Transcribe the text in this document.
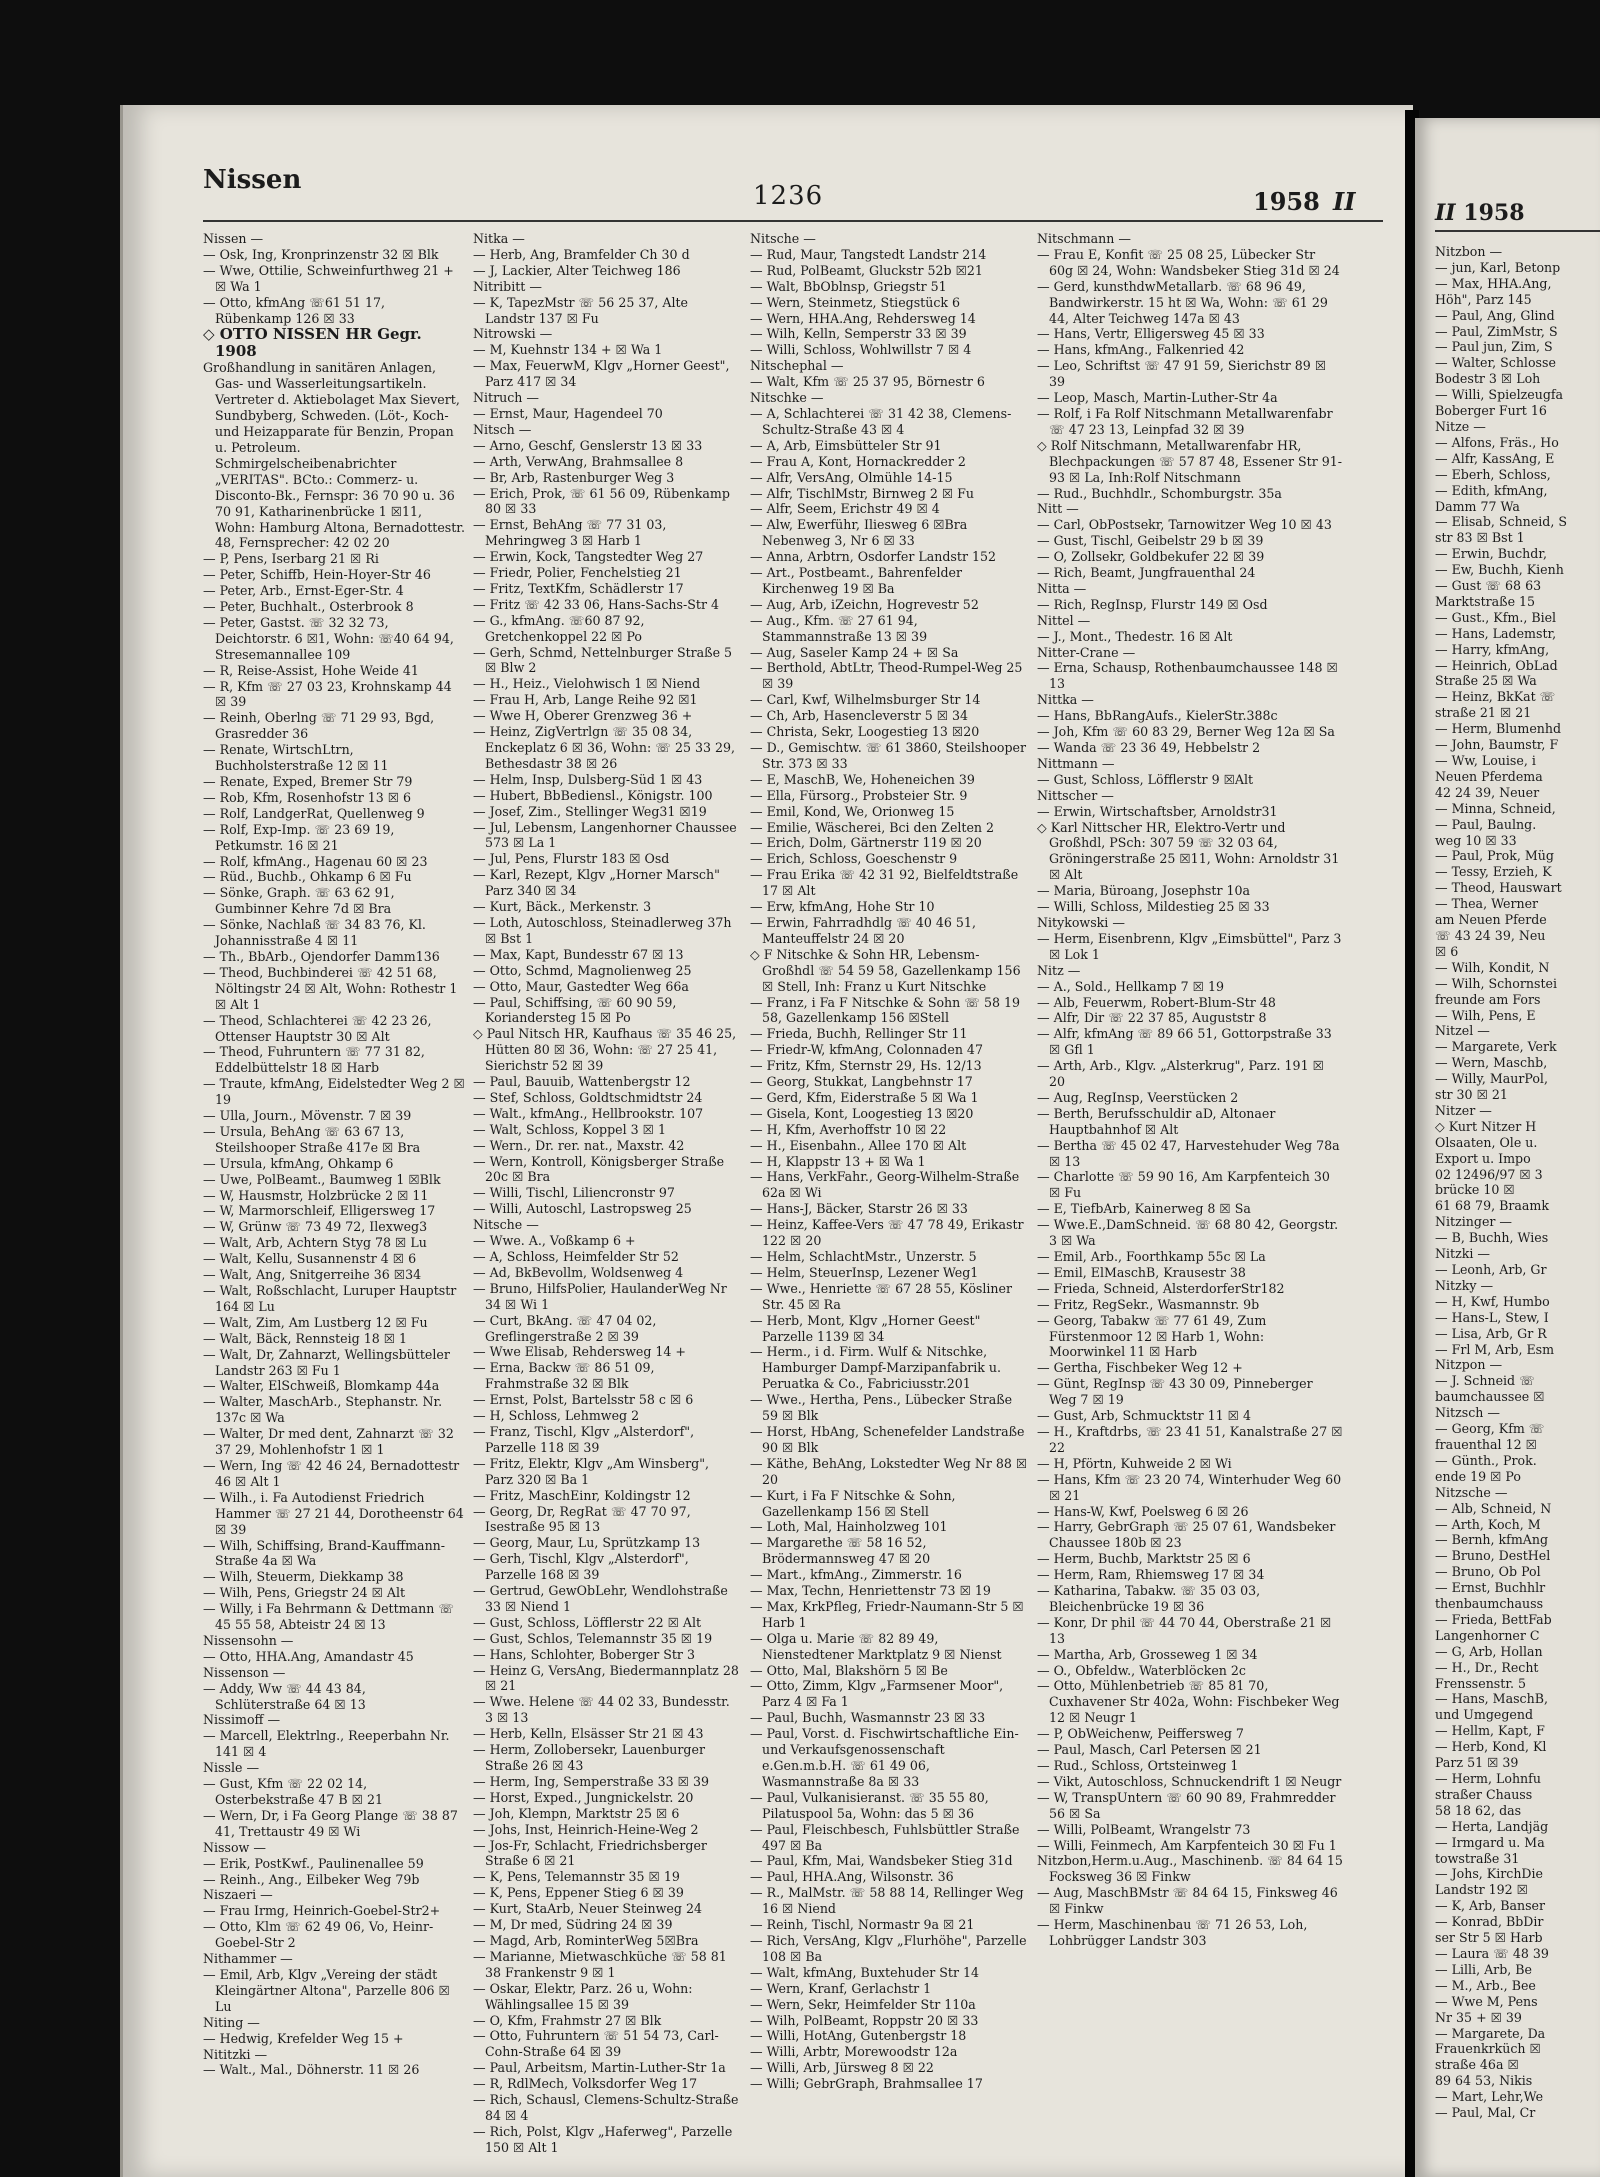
Nissen
1236	1958 II

Nissen —

— Osk, Ing, Kronprinzenstr 32 ☒ Blk

— Wwe, Ottilie, Schweinfurthweg 21 + ☒ Wa 1

— Otto, kfmAng ☏61 51 17, Rübenkamp 126 ☒ 33

◇ OTTO NISSEN HR Gegr. 1908

Großhandlung in sanitären Anlagen, Gas- und Wasserleitungsartikeln. Vertreter d. Aktiebolaget Max Sievert, Sundbyberg, Schweden. (Löt-, Koch- und Heizapparate für Benzin, Propan u. Petroleum. Schmirgelscheibenabrichter „VERITAS". BCto.: Commerz- u. Disconto-Bk., Fernspr: 36 70 90 u. 36 70 91, Katharinenbrücke 1 ☒11, Wohn: Hamburg Altona, Bernadottestr. 48, Fernsprecher: 42 02 20

— P, Pens, Iserbarg 21 ☒ Ri

— Peter, Schiffb, Hein-Hoyer-Str 46

— Peter, Arb., Ernst-Eger-Str. 4

— Peter, Buchhalt., Osterbrook 8

— Peter, Gastst. ☏ 32 32 73, Deichtorstr. 6 ☒1, Wohn: ☏40 64 94, Stresemannallee 109

— R, Reise-Assist, Hohe Weide 41

— R, Kfm ☏ 27 03 23, Krohnskamp 44 ☒ 39

— Reinh, Oberlng ☏ 71 29 93, Bgd, Grasredder 36

— Renate, WirtschLtrn, Buchholsterstraße 12 ☒ 11

— Renate, Exped, Bremer Str 79

— Rob, Kfm, Rosenhofstr 13 ☒ 6

— Rolf, LandgerRat, Quellenweg 9

— Rolf, Exp-Imp. ☏ 23 69 19, Petkumstr. 16 ☒ 21

— Rolf, kfmAng., Hagenau 60 ☒ 23

— Rüd., Buchb., Ohkamp 6 ☒ Fu

— Sönke, Graph. ☏ 63 62 91, Gumbinner Kehre 7d ☒ Bra

— Sönke, Nachlaß ☏ 34 83 76, Kl. Johannisstraße 4 ☒ 11

— Th., BbArb., Ojendorfer Damm136

— Theod, Buchbinderei ☏ 42 51 68, Nöltingstr 24 ☒ Alt, Wohn: Rothestr 1 ☒ Alt 1

— Theod, Schlachterei ☏ 42 23 26, Ottenser Hauptstr 30 ☒ Alt

— Theod, Fuhruntern ☏ 77 31 82, Eddelbüttelstr 18 ☒ Harb

— Traute, kfmAng, Eidelstedter Weg 2 ☒ 19

— Ulla, Journ., Mövenstr. 7 ☒ 39

— Ursula, BehAng ☏ 63 67 13, Steilshooper Straße 417e ☒ Bra

— Ursula, kfmAng, Ohkamp 6

— Uwe, PolBeamt., Baumweg 1 ☒Blk

— W, Hausmstr, Holzbrücke 2 ☒ 11

— W, Marmorschleif, Elligersweg 17

— W, Grünw ☏ 73 49 72, Ilexweg3

— Walt, Arb, Achtern Styg 78 ☒ Lu

— Walt, Kellu, Susannenstr 4 ☒ 6

— Walt, Ang, Snitgerreihe 36 ☒34

— Walt, Roßschlacht, Luruper Hauptstr 164 ☒ Lu

— Walt, Zim, Am Lustberg 12 ☒ Fu

— Walt, Bäck, Rennsteig 18 ☒ 1

— Walt, Dr, Zahnarzt, Wellingsbütteler Landstr 263 ☒ Fu 1

— Walter, ElSchweiß, Blomkamp 44a

— Walter, MaschArb., Stephanstr. Nr. 137c ☒ Wa

— Walter, Dr med dent, Zahnarzt ☏ 32 37 29, Mohlenhofstr 1 ☒ 1

— Wern, Ing ☏ 42 46 24, Bernadottestr 46 ☒ Alt 1

— Wilh., i. Fa Autodienst Friedrich Hammer ☏ 27 21 44, Dorotheenstr 64 ☒ 39

— Wilh, Schiffsing, Brand-Kauffmann-Straße 4a ☒ Wa

— Wilh, Steuerm, Diekkamp 38

— Wilh, Pens, Griegstr 24 ☒ Alt

— Willy, i Fa Behrmann & Dettmann ☏ 45 55 58, Abteistr 24 ☒ 13

Nissensohn —

— Otto, HHA.Ang, Amandastr 45

Nissenson —

— Addy, Ww ☏ 44 43 84, Schlüterstraße 64 ☒ 13

Nissimoff —

— Marcell, Elektrlng., Reeperbahn Nr. 141 ☒ 4

Nissle —

— Gust, Kfm ☏ 22 02 14, Osterbekstraße 47 B ☒ 21

— Wern, Dr, i Fa Georg Plange ☏ 38 87 41, Trettaustr 49 ☒ Wi

Nissow —

— Erik, PostKwf., Paulinenallee 59

— Reinh., Ang., Eilbeker Weg 79b

Niszaeri —

— Frau Irmg, Heinrich-Goebel-Str2+

— Otto, Klm ☏ 62 49 06, Vo, Heinr-Goebel-Str 2

Nithammer —

— Emil, Arb, Klgv „Vereing der städt Kleingärtner Altona", Parzelle 806 ☒ Lu

Niting —

— Hedwig, Krefelder Weg 15 +

Nititzki —

— Walt., Mal., Döhnerstr. 11 ☒ 26

Nitka —

— Herb, Ang, Bramfelder Ch 30 d

— J, Lackier, Alter Teichweg 186

Nitribitt —

— K, TapezMstr ☏ 56 25 37, Alte Landstr 137 ☒ Fu

Nitrowski —

— M, Kuehnstr 134 + ☒ Wa 1

— Max, FeuerwM, Klgv „Horner Geest", Parz 417 ☒ 34

Nitruch —

— Ernst, Maur, Hagendeel 70

Nitsch —

— Arno, Geschf, Genslerstr 13 ☒ 33

— Arth, VerwAng, Brahmsallee 8

— Br, Arb, Rastenburger Weg 3

— Erich, Prok, ☏ 61 56 09, Rübenkamp 80 ☒ 33

— Ernst, BehAng ☏ 77 31 03, Mehringweg 3 ☒ Harb 1

— Erwin, Kock, Tangstedter Weg 27

— Friedr, Polier, Fenchelstieg 21

— Fritz, TextKfm, Schädlerstr 17

— Fritz ☏ 42 33 06, Hans-Sachs-Str 4

— G., kfmAng. ☏60 87 92, Gretchenkoppel 22 ☒ Po

— Gerh, Schmd, Nettelnburger Straße 5 ☒ Blw 2

— H., Heiz., Vielohwisch 1 ☒ Niend

— Frau H, Arb, Lange Reihe 92 ☒1

— Wwe H, Oberer Grenzweg 36 +

— Heinz, ZigVertrlgn ☏ 35 08 34, Enckeplatz 6 ☒ 36, Wohn: ☏ 25 33 29, Bethesdastr 38 ☒ 26

— Helm, Insp, Dulsberg-Süd 1 ☒ 43

— Hubert, BbBediensl., Königstr. 100

— Josef, Zim., Stellinger Weg31 ☒19

— Jul, Lebensm, Langenhorner Chaussee 573 ☒ La 1

— Jul, Pens, Flurstr 183 ☒ Osd

— Karl, Rezept, Klgv „Horner Marsch" Parz 340 ☒ 34

— Kurt, Bäck., Merkenstr. 3

— Loth, Autoschloss, Steinadlerweg 37h ☒ Bst 1

— Max, Kapt, Bundesstr 67 ☒ 13

— Otto, Schmd, Magnolienweg 25

— Otto, Maur, Gastedter Weg 66a

— Paul, Schiffsing, ☏ 60 90 59, Koriandersteg 15 ☒ Po

◇ Paul Nitsch HR, Kaufhaus ☏ 35 46 25, Hütten 80 ☒ 36, Wohn: ☏ 27 25 41, Sierichstr 52 ☒ 39

— Paul, Bauuib, Wattenbergstr 12

— Stef, Schloss, Goldtschmidtstr 24

— Walt., kfmAng., Hellbrookstr. 107

— Walt, Schloss, Koppel 3 ☒ 1

— Wern., Dr. rer. nat., Maxstr. 42

— Wern, Kontroll, Königsberger Straße 20c ☒ Bra

— Willi, Tischl, Liliencronstr 97

— Willi, Autoschl, Lastropsweg 25

Nitsche —

— Wwe. A., Voßkamp 6 +

— A, Schloss, Heimfelder Str 52

— Ad, BkBevollm, Woldsenweg 4

— Bruno, HilfsPolier, HaulanderWeg Nr 34 ☒ Wi 1

— Curt, BkAng. ☏ 47 04 02, Greflingerstraße 2 ☒ 39

— Wwe Elisab, Rehdersweg 14 +

— Erna, Backw ☏ 86 51 09, Frahmstraße 32 ☒ Blk

— Ernst, Polst, Bartelsstr 58 c ☒ 6

— H, Schloss, Lehmweg 2

— Franz, Tischl, Klgv „Alsterdorf", Parzelle 118 ☒ 39

— Fritz, Elektr, Klgv „Am Winsberg", Parz 320 ☒ Ba 1

— Fritz, MaschEinr, Koldingstr 12

— Georg, Dr, RegRat ☏ 47 70 97, Isestraße 95 ☒ 13

— Georg, Maur, Lu, Sprützkamp 13

— Gerh, Tischl, Klgv „Alsterdorf", Parzelle 168 ☒ 39

— Gertrud, GewObLehr, Wendlohstraße 33 ☒ Niend 1

— Gust, Schloss, Löfflerstr 22 ☒ Alt

— Gust, Schlos, Telemannstr 35 ☒ 19

— Hans, Schlohter, Boberger Str 3

— Heinz G, VersAng, Biedermannplatz 28 ☒ 21

— Wwe. Helene ☏ 44 02 33, Bundesstr. 3 ☒ 13

— Herb, Kelln, Elsässer Str 21 ☒ 43

— Herm, Zollobersekr, Lauenburger Straße 26 ☒ 43

— Herm, Ing, Semperstraße 33 ☒ 39

— Horst, Exped., Jungnickelstr. 20

— Joh, Klempn, Marktstr 25 ☒ 6

— Johs, Inst, Heinrich-Heine-Weg 2

— Jos-Fr, Schlacht, Friedrichsberger Straße 6 ☒ 21

— K, Pens, Telemannstr 35 ☒ 19

— K, Pens, Eppener Stieg 6 ☒ 39

— Kurt, StaArb, Neuer Steinweg 24

— M, Dr med, Südring 24 ☒ 39

— Magd, Arb, RominterWeg 5☒Bra

— Marianne, Mietwaschküche ☏ 58 81 38 Frankenstr 9 ☒ 1

— Oskar, Elektr, Parz. 26 u, Wohn: Wählingsallee 15 ☒ 39

— O, Kfm, Frahmstr 27 ☒ Blk

— Otto, Fuhruntern ☏ 51 54 73, Carl-Cohn-Straße 64 ☒ 39

— Paul, Arbeitsm, Martin-Luther-Str 1a

— R, RdlMech, Volksdorfer Weg 17

— Rich, Schausl, Clemens-Schultz-Straße 84 ☒ 4

— Rich, Polst, Klgv „Haferweg", Parzelle 150 ☒ Alt 1

Nitsche —

— Rud, Maur, Tangstedt Landstr 214

— Rud, PolBeamt, Gluckstr 52b ☒21

— Walt, BbOblnsp, Griegstr 51

— Wern, Steinmetz, Stiegstück 6

— Wern, HHA.Ang, Rehdersweg 14

— Wilh, Kelln, Semperstr 33 ☒ 39

— Willi, Schloss, Wohlwillstr 7 ☒ 4

Nitschephal —

— Walt, Kfm ☏ 25 37 95, Börnestr 6

Nitschke —

— A, Schlachterei ☏ 31 42 38, Clemens-Schultz-Straße 43 ☒ 4

— A, Arb, Eimsbütteler Str 91

— Frau A, Kont, Hornackredder 2

— Alfr, VersAng, Olmühle 14-15

— Alfr, TischlMstr, Birnweg 2 ☒ Fu

— Alfr, Seem, Erichstr 49 ☒ 4

— Alw, Ewerführ, Iliesweg 6 ☒Bra Nebenweg 3, Nr 6 ☒ 33

— Anna, Arbtrn, Osdorfer Landstr 152

— Art., Postbeamt., Bahrenfelder Kirchenweg 19 ☒ Ba

— Aug, Arb, iZeichn, Hogrevestr 52

— Aug., Kfm. ☏ 27 61 94, Stammannstraße 13 ☒ 39

— Aug, Saseler Kamp 24 + ☒ Sa

— Berthold, AbtLtr, Theod-Rumpel-Weg 25 ☒ 39

— Carl, Kwf, Wilhelmsburger Str 14

— Ch, Arb, Hasencleverstr 5 ☒ 34

— Christa, Sekr, Loogestieg 13 ☒20

— D., Gemischtw. ☏ 61 3860, Steilshooper Str. 373 ☒ 33

— E, MaschB, We, Hoheneichen 39

— Ella, Fürsorg., Probsteier Str. 9

— Emil, Kond, We, Orionweg 15

— Emilie, Wäscherei, Bci den Zelten 2

— Erich, Dolm, Gärtnerstr 119 ☒ 20

— Erich, Schloss, Goeschenstr 9

— Frau Erika ☏ 42 31 92, Bielfeldtstraße 17 ☒ Alt

— Erw, kfmAng, Hohe Str 10

— Erwin, Fahrradhdlg ☏ 40 46 51, Manteuffelstr 24 ☒ 20

◇ F Nitschke & Sohn HR, Lebensm-Großhdl ☏ 54 59 58, Gazellenkamp 156 ☒ Stell, Inh: Franz u Kurt Nitschke

— Franz, i Fa F Nitschke & Sohn ☏ 58 19 58, Gazellenkamp 156 ☒Stell

— Frieda, Buchh, Rellinger Str 11

— Friedr-W, kfmAng, Colonnaden 47

— Fritz, Kfm, Sternstr 29, Hs. 12/13

— Georg, Stukkat, Langbehnstr 17

— Gerd, Kfm, Eiderstraße 5 ☒ Wa 1

— Gisela, Kont, Loogestieg 13 ☒20

— H, Kfm, Averhoffstr 10 ☒ 22

— H., Eisenbahn., Allee 170 ☒ Alt

— H, Klappstr 13 + ☒ Wa 1

— Hans, VerkFahr., Georg-Wilhelm-Straße 62a ☒ Wi

— Hans-J, Bäcker, Starstr 26 ☒ 33

— Heinz, Kaffee-Vers ☏ 47 78 49, Erikastr 122 ☒ 20

— Helm, SchlachtMstr., Unzerstr. 5

— Helm, SteuerInsp, Lezener Weg1

— Wwe., Henriette ☏ 67 28 55, Kösliner Str. 45 ☒ Ra

— Herb, Mont, Klgv „Horner Geest" Parzelle 1139 ☒ 34

— Herm., i d. Firm. Wulf & Nitschke, Hamburger Dampf-Marzipanfabrik u. Peruatka & Co., Fabriciusstr.201

— Wwe., Hertha, Pens., Lübecker Straße 59 ☒ Blk

— Horst, HbAng, Schenefelder Landstraße 90 ☒ Blk

— Käthe, BehAng, Lokstedter Weg Nr 88 ☒ 20

— Kurt, i Fa F Nitschke & Sohn, Gazellenkamp 156 ☒ Stell

— Loth, Mal, Hainholzweg 101

— Margarethe ☏ 58 16 52, Brödermannsweg 47 ☒ 20

— Mart., kfmAng., Zimmerstr. 16

— Max, Techn, Henriettenstr 73 ☒ 19

— Max, KrkPfleg, Friedr-Naumann-Str 5 ☒ Harb 1

— Olga u. Marie ☏ 82 89 49, Nienstedtener Marktplatz 9 ☒ Nienst

— Otto, Mal, Blakshörn 5 ☒ Be

— Otto, Zimm, Klgv „Farmsener Moor", Parz 4 ☒ Fa 1

— Paul, Buchh, Wasmannstr 23 ☒ 33

— Paul, Vorst. d. Fischwirtschaftliche Ein- und Verkaufsgenossenschaft e.Gen.m.b.H. ☏ 61 49 06, Wasmannstraße 8a ☒ 33

— Paul, Vulkanisieranst. ☏ 35 55 80, Pilatuspool 5a, Wohn: das 5 ☒ 36

— Paul, Fleischbesch, Fuhlsbüttler Straße 497 ☒ Ba

— Paul, Kfm, Mai, Wandsbeker Stieg 31d

— Paul, HHA.Ang, Wilsonstr. 36

— R., MalMstr. ☏ 58 88 14, Rellinger Weg 16 ☒ Niend

— Reinh, Tischl, Normastr 9a ☒ 21

— Rich, VersAng, Klgv „Flurhöhe", Parzelle 108 ☒ Ba

— Walt, kfmAng, Buxtehuder Str 14

— Wern, Kranf, Gerlachstr 1

— Wern, Sekr, Heimfelder Str 110a

— Wilh, PolBeamt, Roppstr 20 ☒ 33

— Willi, HotAng, Gutenbergstr 18

— Willi, Arbtr, Morewoodstr 12a

— Willi, Arb, Jürsweg 8 ☒ 22

— Willi; GebrGraph, Brahmsallee 17

Nitschmann —

— Frau E, Konfit ☏ 25 08 25, Lübecker Str 60g ☒ 24, Wohn: Wandsbeker Stieg 31d ☒ 24

— Gerd, kunsthdwMetallarb. ☏ 68 96 49, Bandwirkerstr. 15 ht ☒ Wa, Wohn: ☏ 61 29 44, Alter Teichweg 147a ☒ 43

— Hans, Vertr, Elligersweg 45 ☒ 33

— Hans, kfmAng., Falkenried 42

— Leo, Schriftst ☏ 47 91 59, Sierichstr 89 ☒ 39

— Leop, Masch, Martin-Luther-Str 4a

— Rolf, i Fa Rolf Nitschmann Metallwarenfabr ☏ 47 23 13, Leinpfad 32 ☒ 39

◇ Rolf Nitschmann, Metallwarenfabr HR, Blechpackungen ☏ 57 87 48, Essener Str 91-93 ☒ La, Inh:Rolf Nitschmann

— Rud., Buchhdlr., Schomburgstr. 35a

Nitt —

— Carl, ObPostsekr, Tarnowitzer Weg 10 ☒ 43

— Gust, Tischl, Geibelstr 29 b ☒ 39

— O, Zollsekr, Goldbekufer 22 ☒ 39

— Rich, Beamt, Jungfrauenthal 24

Nitta —

— Rich, RegInsp, Flurstr 149 ☒ Osd

Nittel —

— J., Mont., Thedestr. 16 ☒ Alt

Nitter-Crane —

— Erna, Schausp, Rothenbaumchaussee 148 ☒ 13

Nittka —

— Hans, BbRangAufs., KielerStr.388c

— Joh, Kfm ☏ 60 83 29, Berner Weg 12a ☒ Sa

— Wanda ☏ 23 36 49, Hebbelstr 2

Nittmann —

— Gust, Schloss, Löfflerstr 9 ☒Alt

Nittscher —

— Erwin, Wirtschaftsber, Arnoldstr31

◇ Karl Nittscher HR, Elektro-Vertr und Großhdl, PSch: 307 59 ☏ 32 03 64, Gröningerstraße 25 ☒11, Wohn: Arnoldstr 31 ☒ Alt

— Maria, Büroang, Josephstr 10a

— Willi, Schloss, Mildestieg 25 ☒ 33

Nitykowski —

— Herm, Eisenbrenn, Klgv „Eimsbüttel", Parz 3 ☒ Lok 1

Nitz —

— A., Sold., Hellkamp 7 ☒ 19

— Alb, Feuerwm, Robert-Blum-Str 48

— Alfr, Dir ☏ 22 37 85, Auguststr 8

— Alfr, kfmAng ☏ 89 66 51, Gottorpstraße 33 ☒ Gfl 1

— Arth, Arb., Klgv. „Alsterkrug", Parz. 191 ☒ 20

— Aug, RegInsp, Veerstücken 2

— Berth, Berufsschuldir aD, Altonaer Hauptbahnhof ☒ Alt

— Bertha ☏ 45 02 47, Harvestehuder Weg 78a ☒ 13

— Charlotte ☏ 59 90 16, Am Karpfenteich 30 ☒ Fu

— E, TiefbArb, Kainerweg 8 ☒ Sa

— Wwe.E.,DamSchneid. ☏ 68 80 42, Georgstr. 3 ☒ Wa

— Emil, Arb., Foorthkamp 55c ☒ La

— Emil, ElMaschB, Krausestr 38

— Frieda, Schneid, AlsterdorferStr182

— Fritz, RegSekr., Wasmannstr. 9b

— Georg, Tabakw ☏ 77 61 49, Zum Fürstenmoor 12 ☒ Harb 1, Wohn: Moorwinkel 11 ☒ Harb

— Gertha, Fischbeker Weg 12 +

— Günt, RegInsp ☏ 43 30 09, Pinneberger Weg 7 ☒ 19

— Gust, Arb, Schmucktstr 11 ☒ 4

— H., Kraftdrbs, ☏ 23 41 51, Kanalstraße 27 ☒ 22

— H, Pförtn, Kuhweide 2 ☒ Wi

— Hans, Kfm ☏ 23 20 74, Winterhuder Weg 60 ☒ 21

— Hans-W, Kwf, Poelsweg 6 ☒ 26

— Harry, GebrGraph ☏ 25 07 61, Wandsbeker Chaussee 180b ☒ 23

— Herm, Buchb, Marktstr 25 ☒ 6

— Herm, Ram, Rhiemsweg 17 ☒ 34

— Katharina, Tabakw. ☏ 35 03 03, Bleichenbrücke 19 ☒ 36

— Konr, Dr phil ☏ 44 70 44, Oberstraße 21 ☒ 13

— Martha, Arb, Grosseweg 1 ☒ 34

— O., Obfeldw., Waterblöcken 2c

— Otto, Mühlenbetrieb ☏ 85 81 70, Cuxhavener Str 402a, Wohn: Fischbeker Weg 12 ☒ Neugr 1

— P, ObWeichenw, Peiffersweg 7

— Paul, Masch, Carl Petersen ☒ 21

— Rud., Schloss, Ortsteinweg 1

— Vikt, Autoschloss, Schnuckendrift 1 ☒ Neugr

— W, TranspUntern ☏ 60 90 89, Frahmredder 56 ☒ Sa

— Willi, PolBeamt, Wrangelstr 73

— Willi, Feinmech, Am Karpfenteich 30 ☒ Fu 1

Nitzbon,Herm.u.Aug., Maschinenb. ☏ 84 64 15 Focksweg 36 ☒ Finkw

— Aug, MaschBMstr ☏ 84 64 15, Finksweg 46 ☒ Finkw

— Herm, Maschinenbau ☏ 71 26 53, Loh, Lohbrügger Landstr 303

II 1958
Nitzbon —
— jun, Karl, Betonp
— Max, HHA.Ang,
Höh", Parz 145
— Paul, Ang, Glind
— Paul, ZimMstr, S
— Paul jun, Zim, S
— Walter, Schlosse
Bodestr 3 ☒ Loh
— Willi, Spielzeugfa
Boberger Furt 16
Nitze —
— Alfons, Fräs., Ho
— Alfr, KassAng, E
— Eberh, Schloss,
— Edith, kfmAng,
Damm 77 Wa
— Elisab, Schneid, S
str 83 ☒ Bst 1
— Erwin, Buchdr,
— Ew, Buchh, Kienh
— Gust ☏ 68 63
Marktstraße 15
— Gust., Kfm., Biel
— Hans, Lademstr,
— Harry, kfmAng,
— Heinrich, ObLad
Straße 25 ☒ Wa
— Heinz, BkKat ☏
straße 21 ☒ 21
— Herm, Blumenhd
— John, Baumstr, F
— Ww, Louise, i
Neuen Pferdema
42 24 39, Neuer
— Minna, Schneid,
— Paul, Baulng.
weg 10 ☒ 33
— Paul, Prok, Müg
— Tessy, Erzieh, K
— Theod, Hauswart
— Thea, Werner
am Neuen Pferde
☏ 43 24 39, Neu
☒ 6
— Wilh, Kondit, N
— Wilh, Schornstei
freunde am Fors
— Wilh, Pens, E
Nitzel —
— Margarete, Verk
— Wern, Maschb,
— Willy, MaurPol,
str 30 ☒ 21
Nitzer —
◇ Kurt Nitzer H
Olsaaten, Ole u.
Export u. Impo
02 12496/97 ☒ 3
brücke 10 ☒
61 68 79, Braamk
Nitzinger —
— B, Buchh, Wies
Nitzki —
— Leonh, Arb, Gr
Nitzky —
— H, Kwf, Humbo
— Hans-L, Stew, I
— Lisa, Arb, Gr R
— Frl M, Arb, Esm
Nitzpon —
— J. Schneid ☏
baumchaussee ☒
Nitzsch —
— Georg, Kfm ☏
frauenthal 12 ☒
— Günth., Prok.
ende 19 ☒ Po
Nitzsche —
— Alb, Schneid, N
— Arth, Koch, M
— Bernh, kfmAng
— Bruno, DestHel
— Bruno, Ob Pol
— Ernst, Buchhlr
thenbaumchauss
— Frieda, BettFab
Langenhorner C
— G, Arb, Hollan
— H., Dr., Recht
Frenssenstr. 5
— Hans, MaschB,
und Umgegend
— Hellm, Kapt, F
— Herb, Kond, Kl
Parz 51 ☒ 39
— Herm, Lohnfu
straßer Chauss
58 18 62, das
— Herta, Landjäg
— Irmgard u. Ma
towstraße 31
— Johs, KirchDie
Landstr 192 ☒
— K, Arb, Banser
— Konrad, BbDir
ser Str 5 ☒ Harb
— Laura ☏ 48 39
— Lilli, Arb, Be
— M., Arb., Bee
— Wwe M, Pens
Nr 35 + ☒ 39
— Margarete, Da
Frauenkrküch ☒
straße 46a ☒
89 64 53, Nikis
— Mart, Lehr,We
— Paul, Mal, Cr
